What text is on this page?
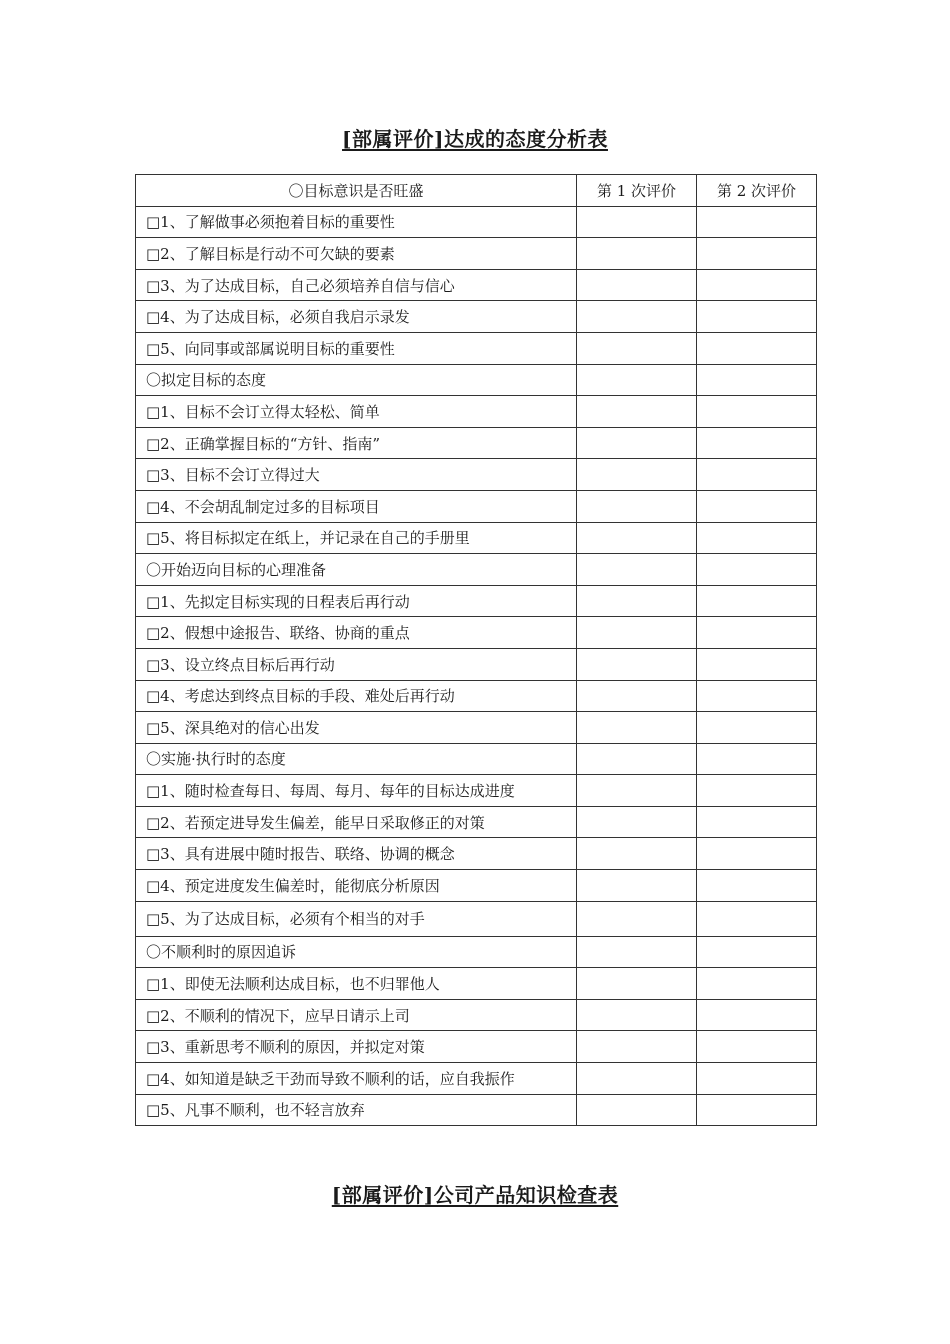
[部属评价]达成的态度分析表
〇目标意识是否旺盛	第 1 次评价	第 2 次评价
□1、了解做事必须抱着目标的重要性		
□2、了解目标是行动不可欠缺的要素		
□3、为了达成目标，自己必须培养自信与信心		
□4、为了达成目标，必须自我启示录发		
□5、向同事或部属说明目标的重要性		
〇拟定目标的态度		
□1、目标不会订立得太轻松、简单		
□2、正确掌握目标的“方针、指南”		
□3、目标不会订立得过大		
□4、不会胡乱制定过多的目标项目		
□5、将目标拟定在纸上，并记录在自己的手册里		
〇开始迈向目标的心理准备		
□1、先拟定目标实现的日程表后再行动		
□2、假想中途报告、联络、协商的重点		
□3、设立终点目标后再行动		
□4、考虑达到终点目标的手段、难处后再行动		
□5、深具绝对的信心出发		
〇实施·执行时的态度		
□1、随时检查每日、每周、每月、每年的目标达成进度		
□2、若预定进导发生偏差，能早日采取修正的对策		
□3、具有进展中随时报告、联络、协调的概念		
□4、预定进度发生偏差时，能彻底分析原因		
□5、为了达成目标，必须有个相当的对手		
〇不顺利时的原因追诉		
□1、即使无法顺利达成目标，也不归罪他人		
□2、不顺利的情况下，应早日请示上司		
□3、重新思考不顺利的原因，并拟定对策		
□4、如知道是缺乏干劲而导致不顺利的话，应自我振作		
□5、凡事不顺利，也不轻言放弃		
[部属评价]公司产品知识检查表
